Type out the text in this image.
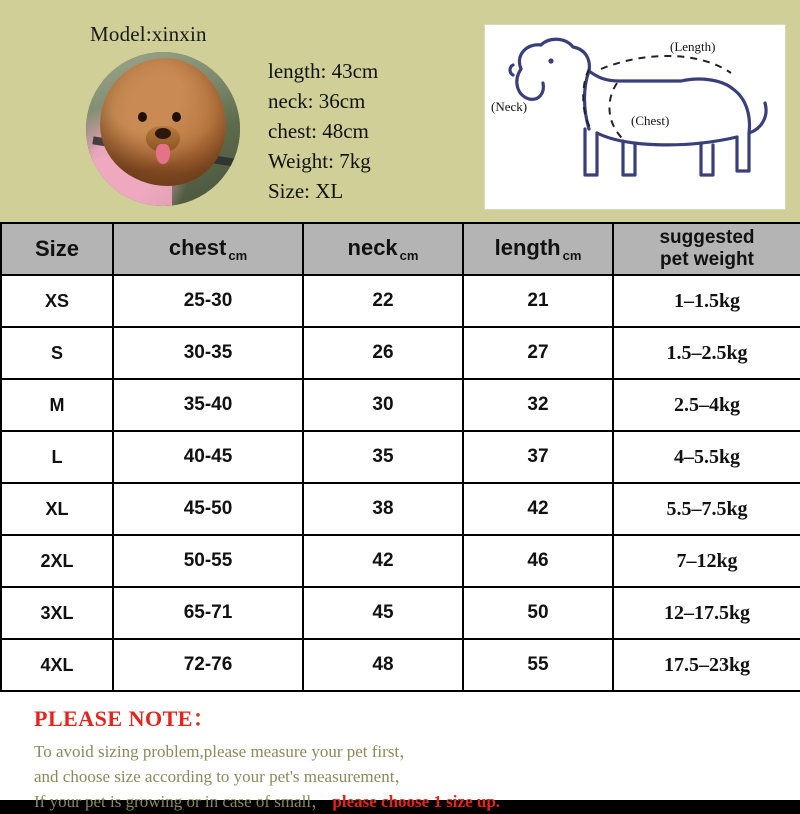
Model:xinxin
length: 43cm
neck: 36cm
chest: 48cm
Weight: 7kg
Size: XL
(Length)
(Neck)
(Chest)
Size	chest $_{cm}$	neck $_{cm}$	length $_{cm}$	suggested
pet weight

XS	25-30	22	21	1–1.5kg
S	30-35	26	27	1.5–2.5kg
M	35-40	30	32	2.5–4kg
L	40-45	35	37	4–5.5kg
XL	45-50	38	42	5.5–7.5kg
2XL	50-55	42	46	7–12kg
3XL	65-71	45	50	12–17.5kg
4XL	72-76	48	55	17.5–23kg
PLEASE NOTE：
To avoid sizing problem,please measure your pet first，
and choose size according to your pet's measurement，
If your pet is growing or in case of small， please choose 1 size up.
